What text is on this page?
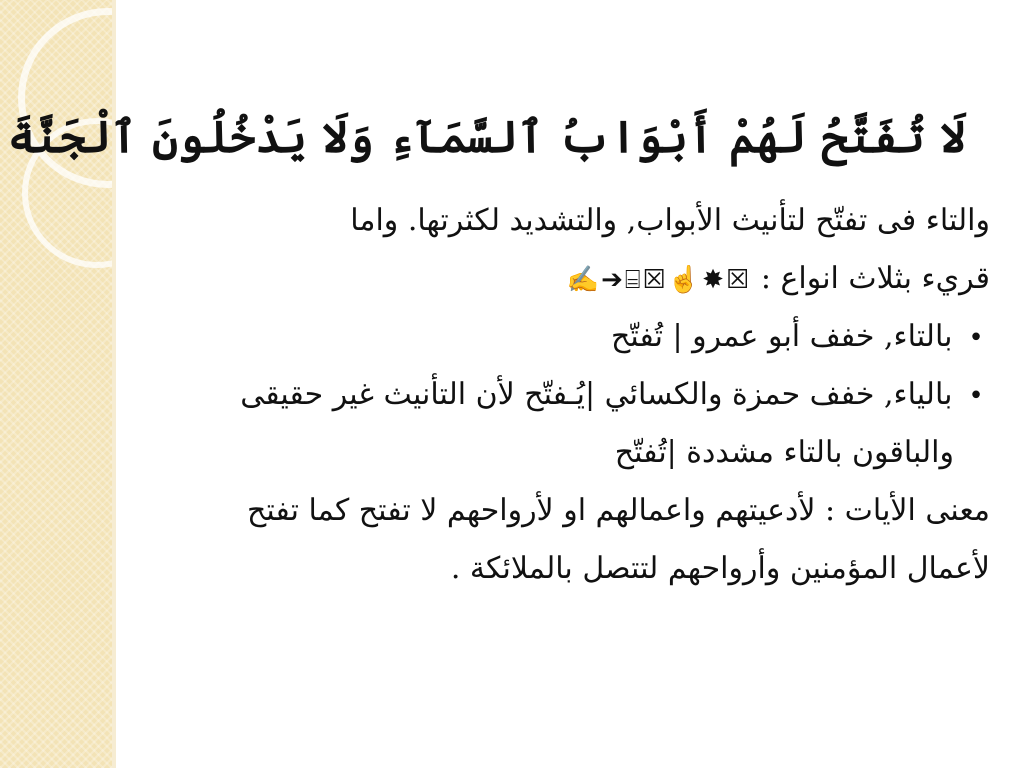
لَا تُفَتَّحُ لَهُمْ أَبْوَابُ ٱلسَّمَآءِ وَلَا يَدْخُلُونَ ٱلْجَنَّةَ
والتاء فى تفتّح لتأنيث الأبواب, والتشديد لكثرتها. واما
قريء بثلاث انواع : ✍➔⌸☒☝✸☒
• بالتاء, خفف أبو عمرو | تُفتّح
• بالياء, خفف حمزة والكسائي |يُـفتّح لأن التأنيث غير حقيقى
والباقون بالتاء مشددة |تُفتّح
معنى الأيات : لأدعيتهم واعمالهم او لأرواحهم لا تفتح كما تفتح
لأعمال المؤمنين وأرواحهم لتتصل بالملائكة .
